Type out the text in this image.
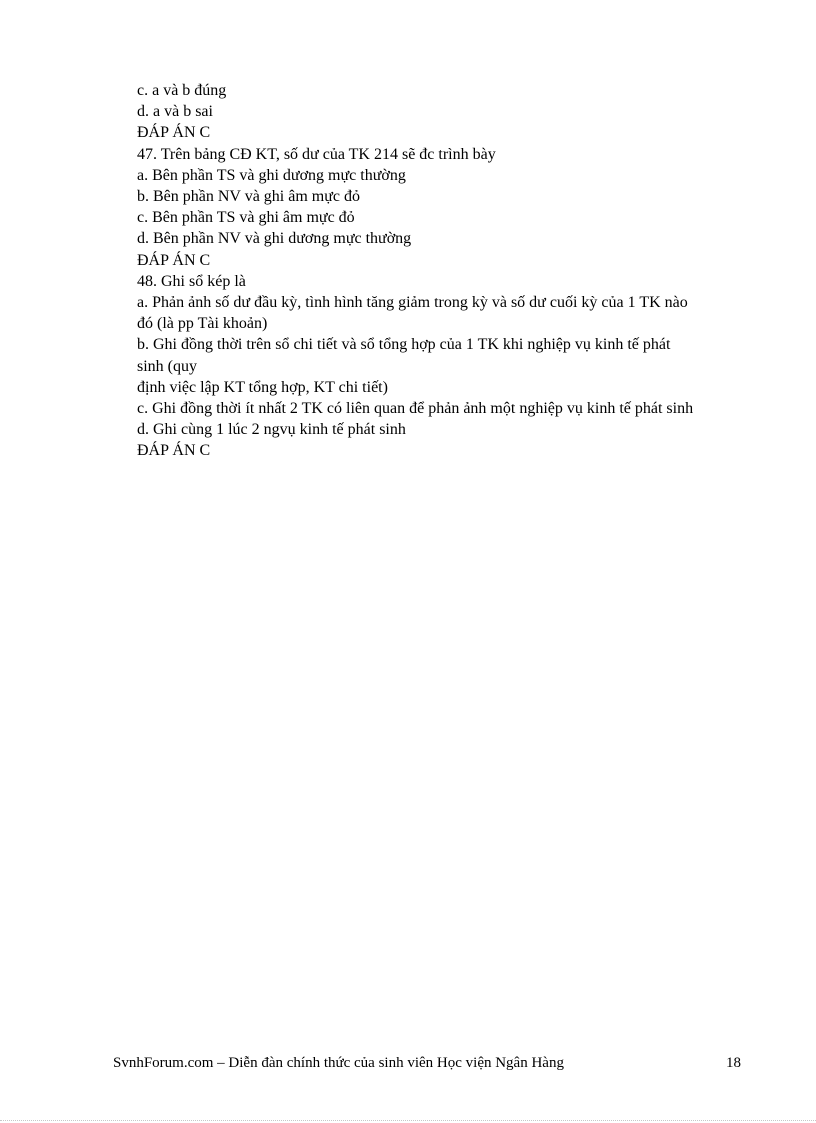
c. a và b đúng
d. a và b sai
ĐÁP ÁN C
47. Trên bảng CĐ KT, số dư của TK 214 sẽ đc trình bày
a. Bên phần TS và ghi dương mực thường
b. Bên phần NV và ghi âm mực đỏ
c. Bên phần TS và ghi âm mực đỏ
d. Bên phần NV và ghi dương mực thường
ĐÁP ÁN C
48. Ghi sổ kép là
a. Phản ảnh số dư đầu kỳ, tình hình tăng giảm trong kỳ và số dư cuối kỳ của 1 TK nào
đó (là pp Tài khoản)
b. Ghi đồng thời trên sổ chi tiết và sổ tổng hợp của 1 TK khi nghiệp vụ kinh tế phát
sinh (quy
định việc lập KT tổng hợp, KT chi tiết)
c. Ghi đồng thời ít nhất 2 TK có liên quan để phản ảnh một nghiệp vụ kinh tế phát sinh
d. Ghi cùng 1 lúc 2 ngvụ kinh tế phát sinh
ĐÁP ÁN C
SvnhForum.com – Diễn đàn chính thức của sinh viên Học viện Ngân Hàng	18
